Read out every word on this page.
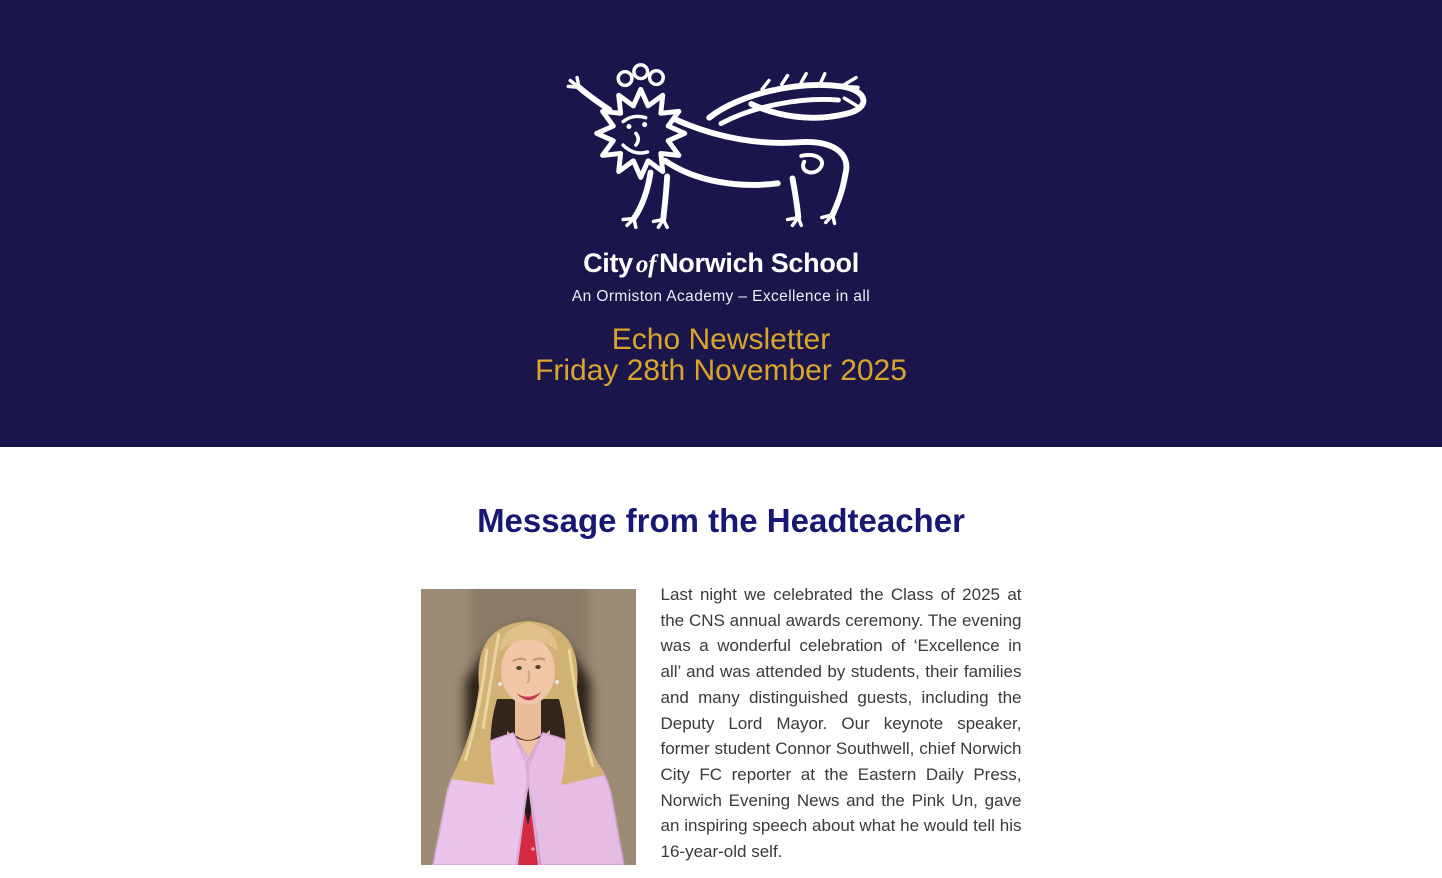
City of Norwich School
An Ormiston Academy – Excellence in all
Echo Newsletter
Friday 28th November 2025
Message from the Headteacher

Last night we celebrated the Class of 2025 at the CNS annual awards ceremony. The evening was a wonderful celebration of ‘Excellence in all’ and was attended by students, their families and many distinguished guests, including the Deputy Lord Mayor. Our keynote speaker, former student Connor Southwell, chief Norwich City FC reporter at the Eastern Daily Press, Norwich Evening News and the Pink Un, gave an inspiring speech about what he would tell his 16-year-old self.
